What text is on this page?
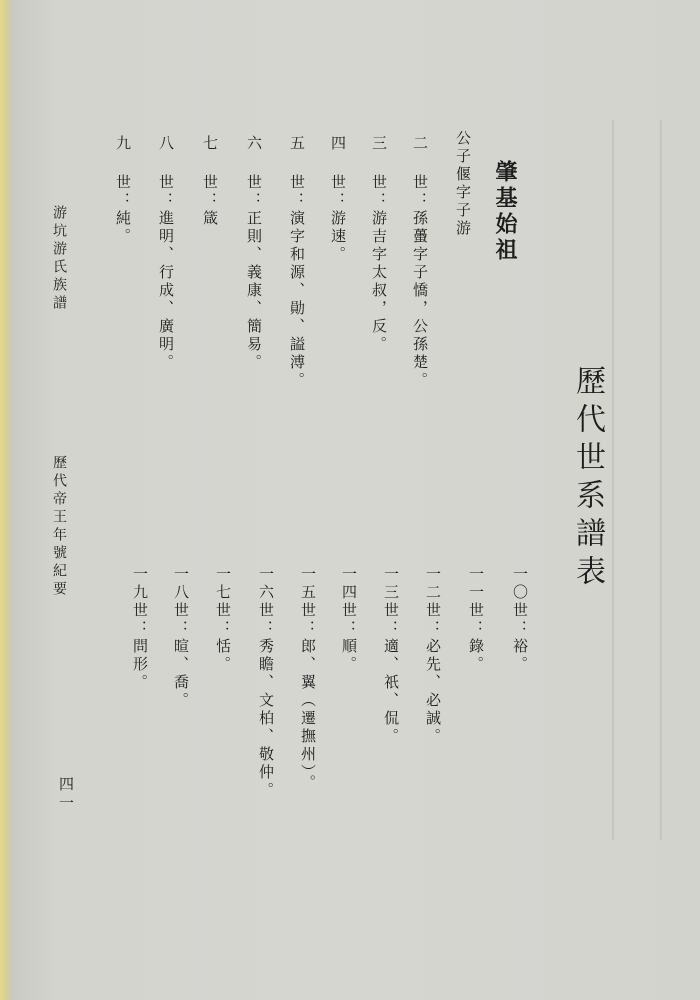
歷代世系譜表
肇基始祖
公子偃字子游
二 世：孫蠆字子憍，公孫楚。
三 世：游吉字太叔，反。
四 世：游速。
五 世：演字和源、勛、謚溥。
六 世：正則、義康、簡易。
七 世：箴
八 世：進明、行成、廣明。
九 世：純。
一〇世：裕。
一一世：錄。
一二世：必先、必誠。
一三世：適、祇、侃。
一四世：順。
一五世：郎、翼（遷撫州）。
一六世：秀瞻、文柏、敬仲。
一七世：恬。
一八世：暄、喬。
一九世：問形。
游坑游氏族譜
歷代帝王年號紀要
四一
